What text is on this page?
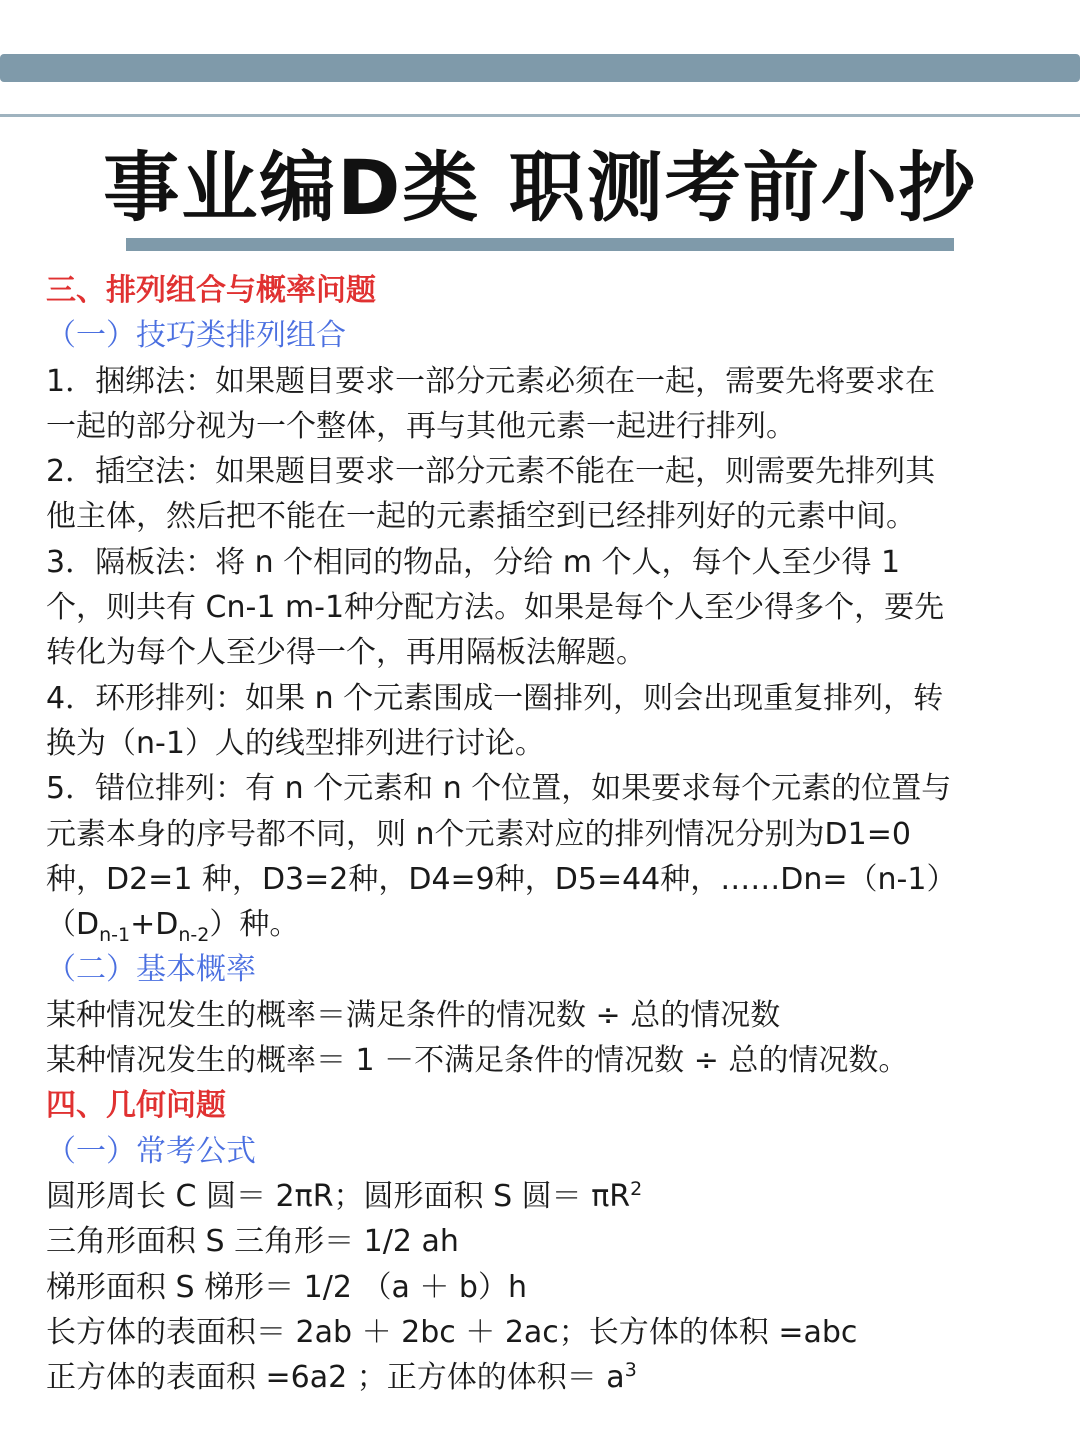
事业编D类 职测考前小抄
三、排列组合与概率问题
（一）技巧类排列组合
1．捆绑法：如果题目要求一部分元素必须在一起，需要先将要求在
一起的部分视为一个整体，再与其他元素一起进行排列。
2．插空法：如果题目要求一部分元素不能在一起，则需要先排列其
他主体，然后把不能在一起的元素插空到已经排列好的元素中间。
3．隔板法：将 n 个相同的物品，分给 m 个人，每个人至少得 1
个，则共有 Cn-1 m-1种分配方法。如果是每个人至少得多个，要先
转化为每个人至少得一个，再用隔板法解题。
4．环形排列：如果 n 个元素围成一圈排列，则会出现重复排列，转
换为（n-1）人的线型排列进行讨论。
5．错位排列：有 n 个元素和 n 个位置，如果要求每个元素的位置与
元素本身的序号都不同，则 n个元素对应的排列情况分别为D1=0
种，D2=1 种，D3=2种，D4=9种，D5=44种，……Dn=（n-1）
$(D_{n-1}+D_{n-2})$种。
（二）基本概率
某种情况发生的概率＝满足条件的情况数 ÷ 总的情况数
某种情况发生的概率＝ 1 －不满足条件的情况数 ÷ 总的情况数。
四、几何问题
（一）常考公式
圆形周长 C 圆＝ 2πR；圆形面积 S 圆＝ $\pi R^2$
三角形面积 S 三角形＝ 1/2 ah
梯形面积 S 梯形＝ 1/2 （a ＋ b）h
长方体的表面积＝ 2ab ＋ 2bc ＋ 2ac；长方体的体积 =abc
正方体的表面积 =6a2 ；正方体的体积＝ $a^3$
